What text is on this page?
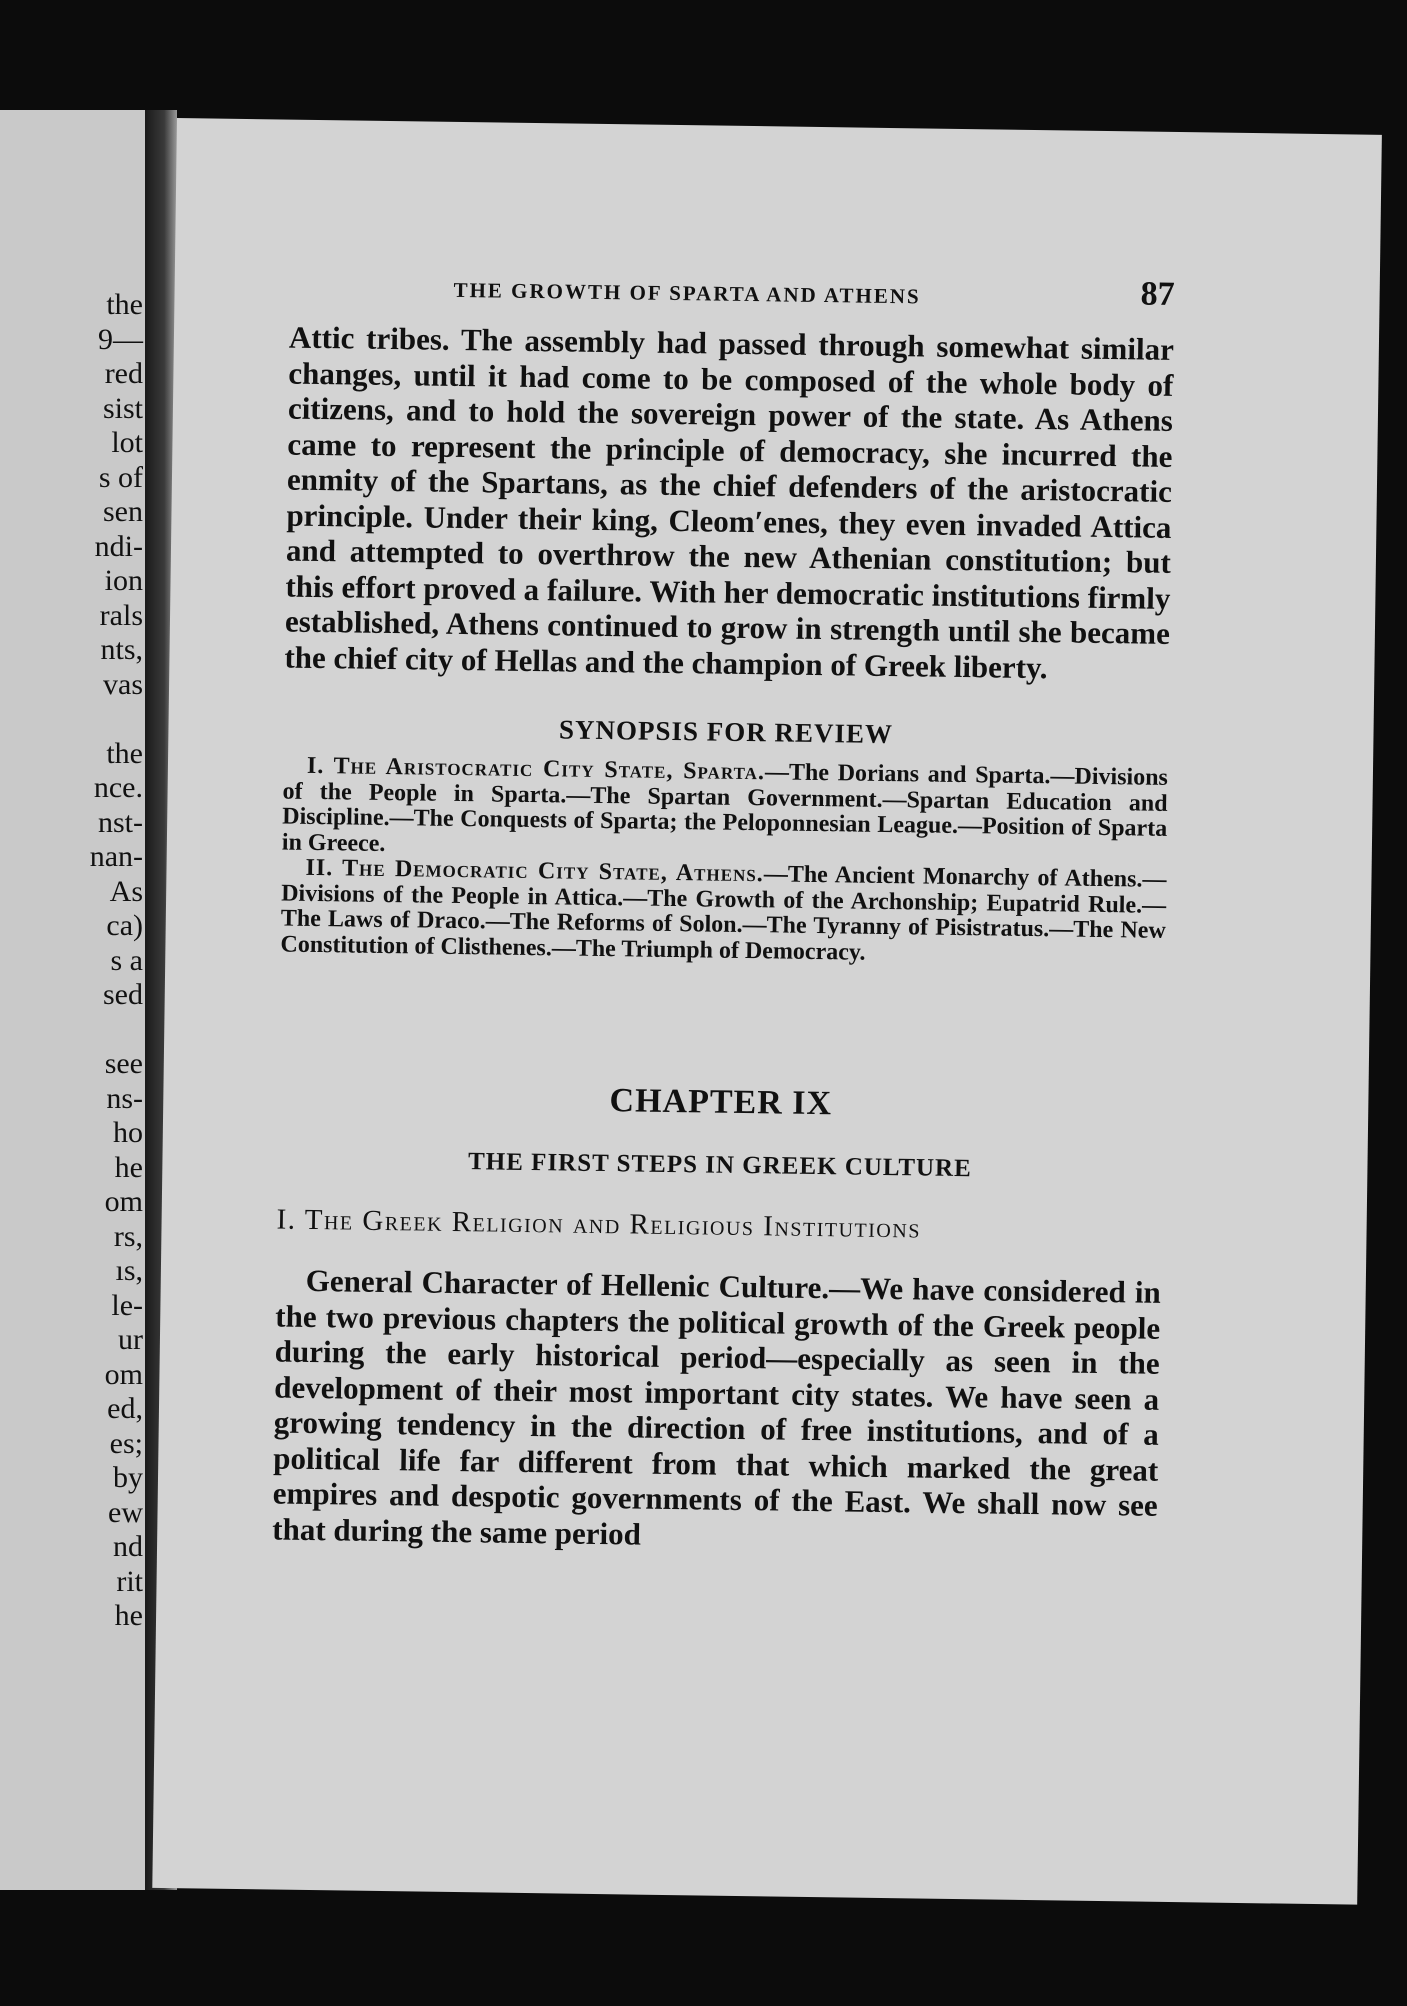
the
9—
red
sist
lot
s of
sen
ndi-
ion
rals
nts,
vas
the
nce.
nst-
nan-
As
ca)
s a
sed
see
ns-
ho
he
om
rs,
ıs,
le-
ur
om
ed,
es;
by
ew
nd
rit
he
THE GROWTH OF SPARTA AND ATHENS	87

Attic tribes. The assembly had passed through somewhat similar changes, until it had come to be composed of the whole body of citizens, and to hold the sovereign power of the state. As Athens came to represent the principle of democracy, she incurred the enmity of the Spartans, as the chief defenders of the aristocratic principle. Under their king, Cleom′enes, they even invaded Attica and attempted to overthrow the new Athenian constitution; but this effort proved a failure. With her democratic institutions firmly established, Athens continued to grow in strength until she became the chief city of Hellas and the champion of Greek liberty.

SYNOPSIS FOR REVIEW

I. The Aristocratic City State, Sparta.—The Dorians and Sparta.—Divisions of the People in Sparta.—The Spartan Government.—Spartan Education and Discipline.—The Conquests of Sparta; the Peloponnesian League.—Position of Sparta in Greece.

II. The Democratic City State, Athens.—The Ancient Monarchy of Athens.—Divisions of the People in Attica.—The Growth of the Archonship; Eupatrid Rule.—The Laws of Draco.—The Reforms of Solon.—The Tyranny of Pisistratus.—The New Constitution of Clisthenes.—The Triumph of Democracy.

CHAPTER IX
THE FIRST STEPS IN GREEK CULTURE
I. The Greek Religion and Religious Institutions

General Character of Hellenic Culture.—We have considered in the two previous chapters the political growth of the Greek people during the early historical period—especially as seen in the development of their most important city states. We have seen a growing tendency in the direction of free institutions, and of a political life far different from that which marked the great empires and despotic governments of the East. We shall now see that during the same period
